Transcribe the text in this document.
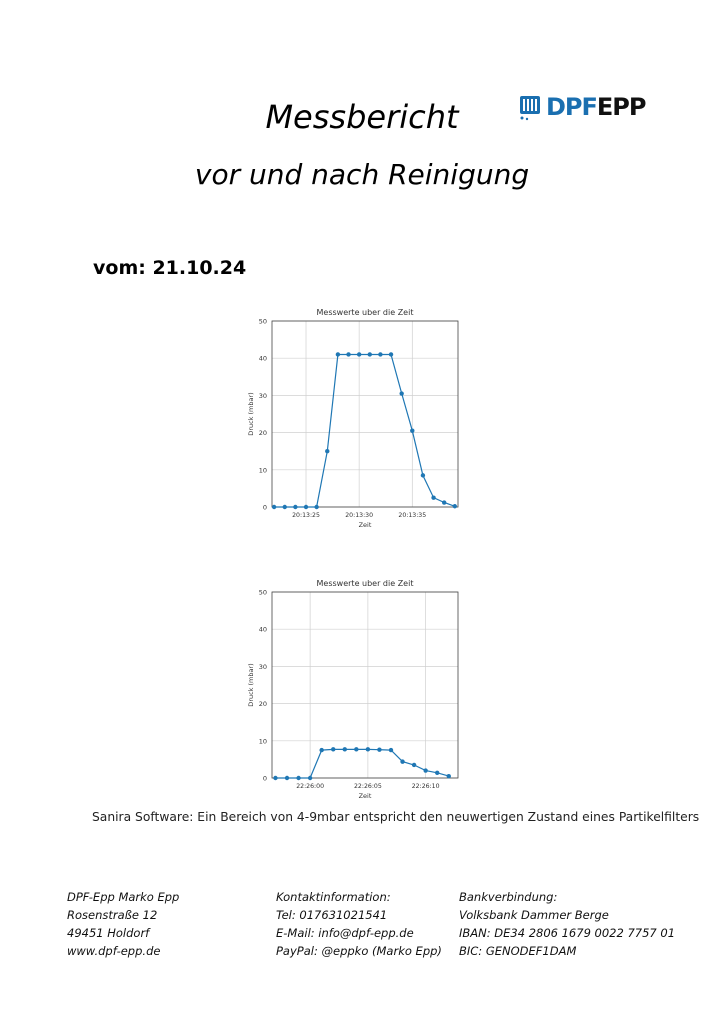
Messbericht
vor und nach Reinigung
DPFEPP
vom: 21.10.24
Messwerte uber die Zeit
0
10
20
30
40
50
20:13:25	20:13:30	20:13:35
Zeit
Druck (mbar)
Messwerte uber die Zeit
0
10
20
30
40
50
22:26:00	22:26:05	22:26:10
Zeit
Druck (mbar)
Sanira Software: Ein Bereich von 4-9mbar entspricht den neuwertigen Zustand eines Partikelfilters
DPF-Epp Marko Epp
Rosenstraße 12
49451 Holdorf
www.dpf-epp.de
Kontaktinformation:
Tel: 017631021541
E-Mail: info@dpf-epp.de
PayPal: @eppko (Marko Epp)
Bankverbindung:
Volksbank Dammer Berge
IBAN: DE34 2806 1679 0022 7757 01
BIC: GENODEF1DAM
